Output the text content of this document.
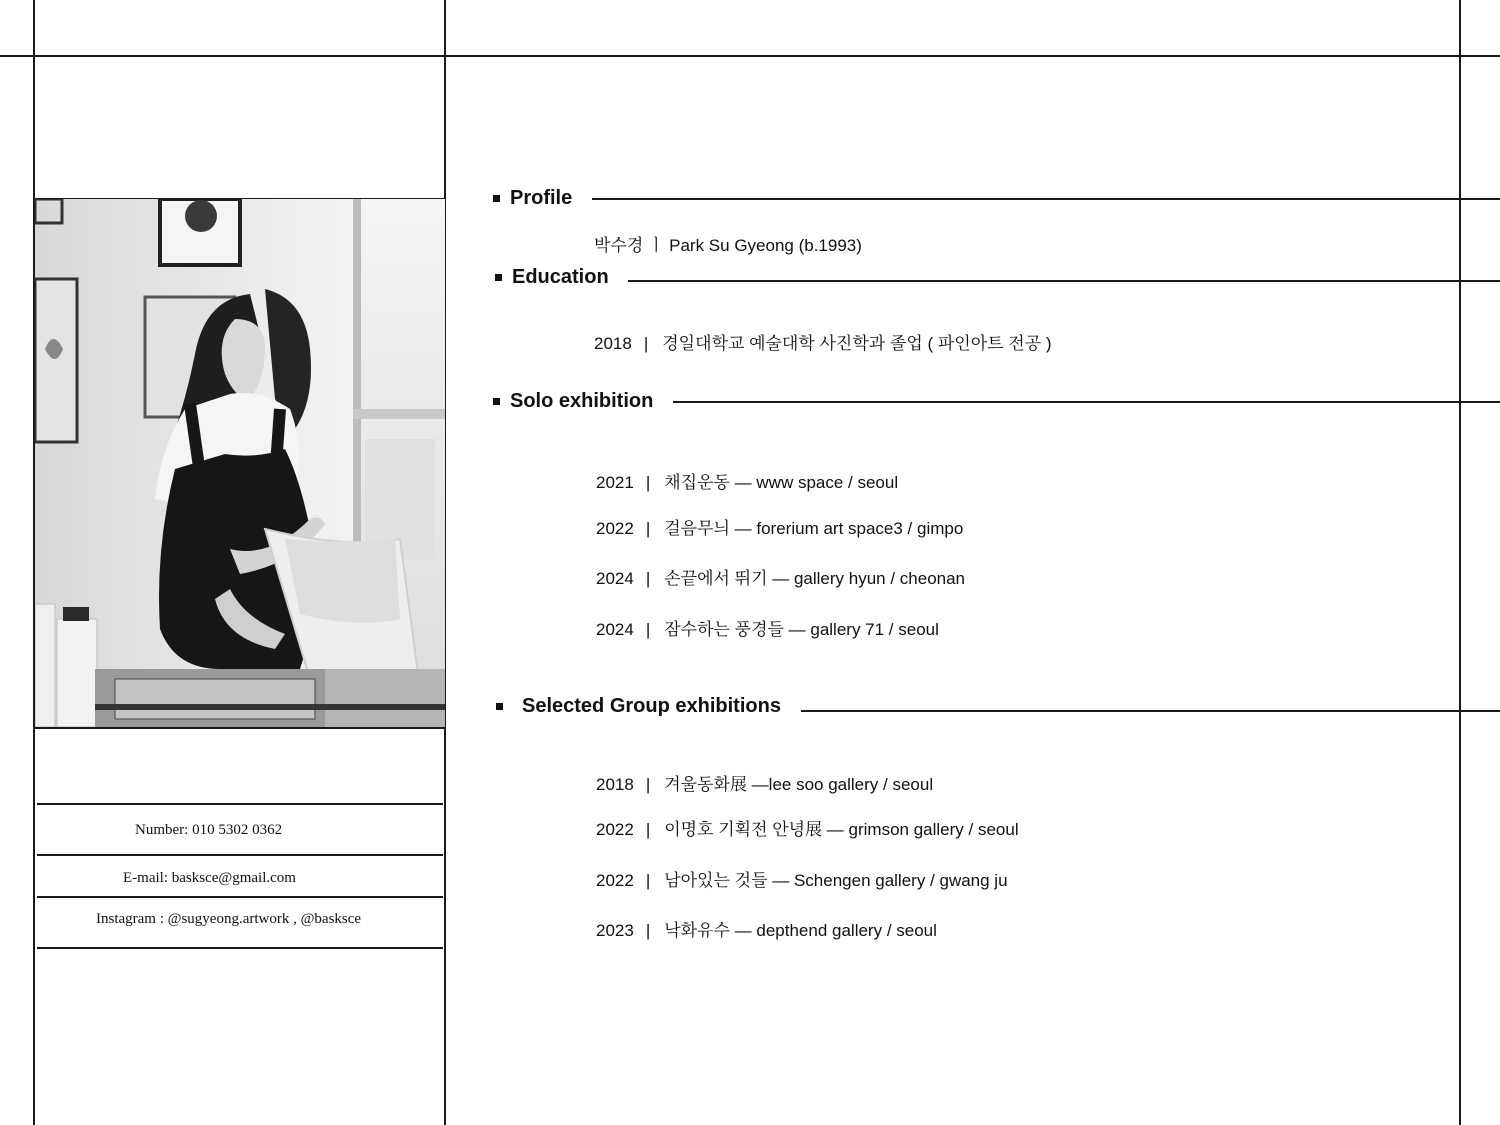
Number: 010 5302 0362
E-mail: basksce@gmail.com
Instagram : @sugyeong.artwork , @basksce
Profile
박수경 ㅣ Park Su Gyeong (b.1993)
Education
2018 | 경일대학교 예술대학 사진학과 졸업 ( 파인아트 전공 )
Solo exhibition
2021 | 채집운동 — www space / seoul
2022 | 걸음무늬 — forerium art space3 / gimpo
2024 | 손끝에서 뛰기 — gallery hyun / cheonan
2024 | 잠수하는 풍경들 — gallery 71 / seoul
Selected Group exhibitions
2018 | 겨울동화展 —lee soo gallery / seoul
2022 | 이명호 기획전 안녕展 — grimson gallery / seoul
2022 | 남아있는 것들 — Schengen gallery / gwang ju
2023 | 낙화유수 — depthend gallery / seoul
